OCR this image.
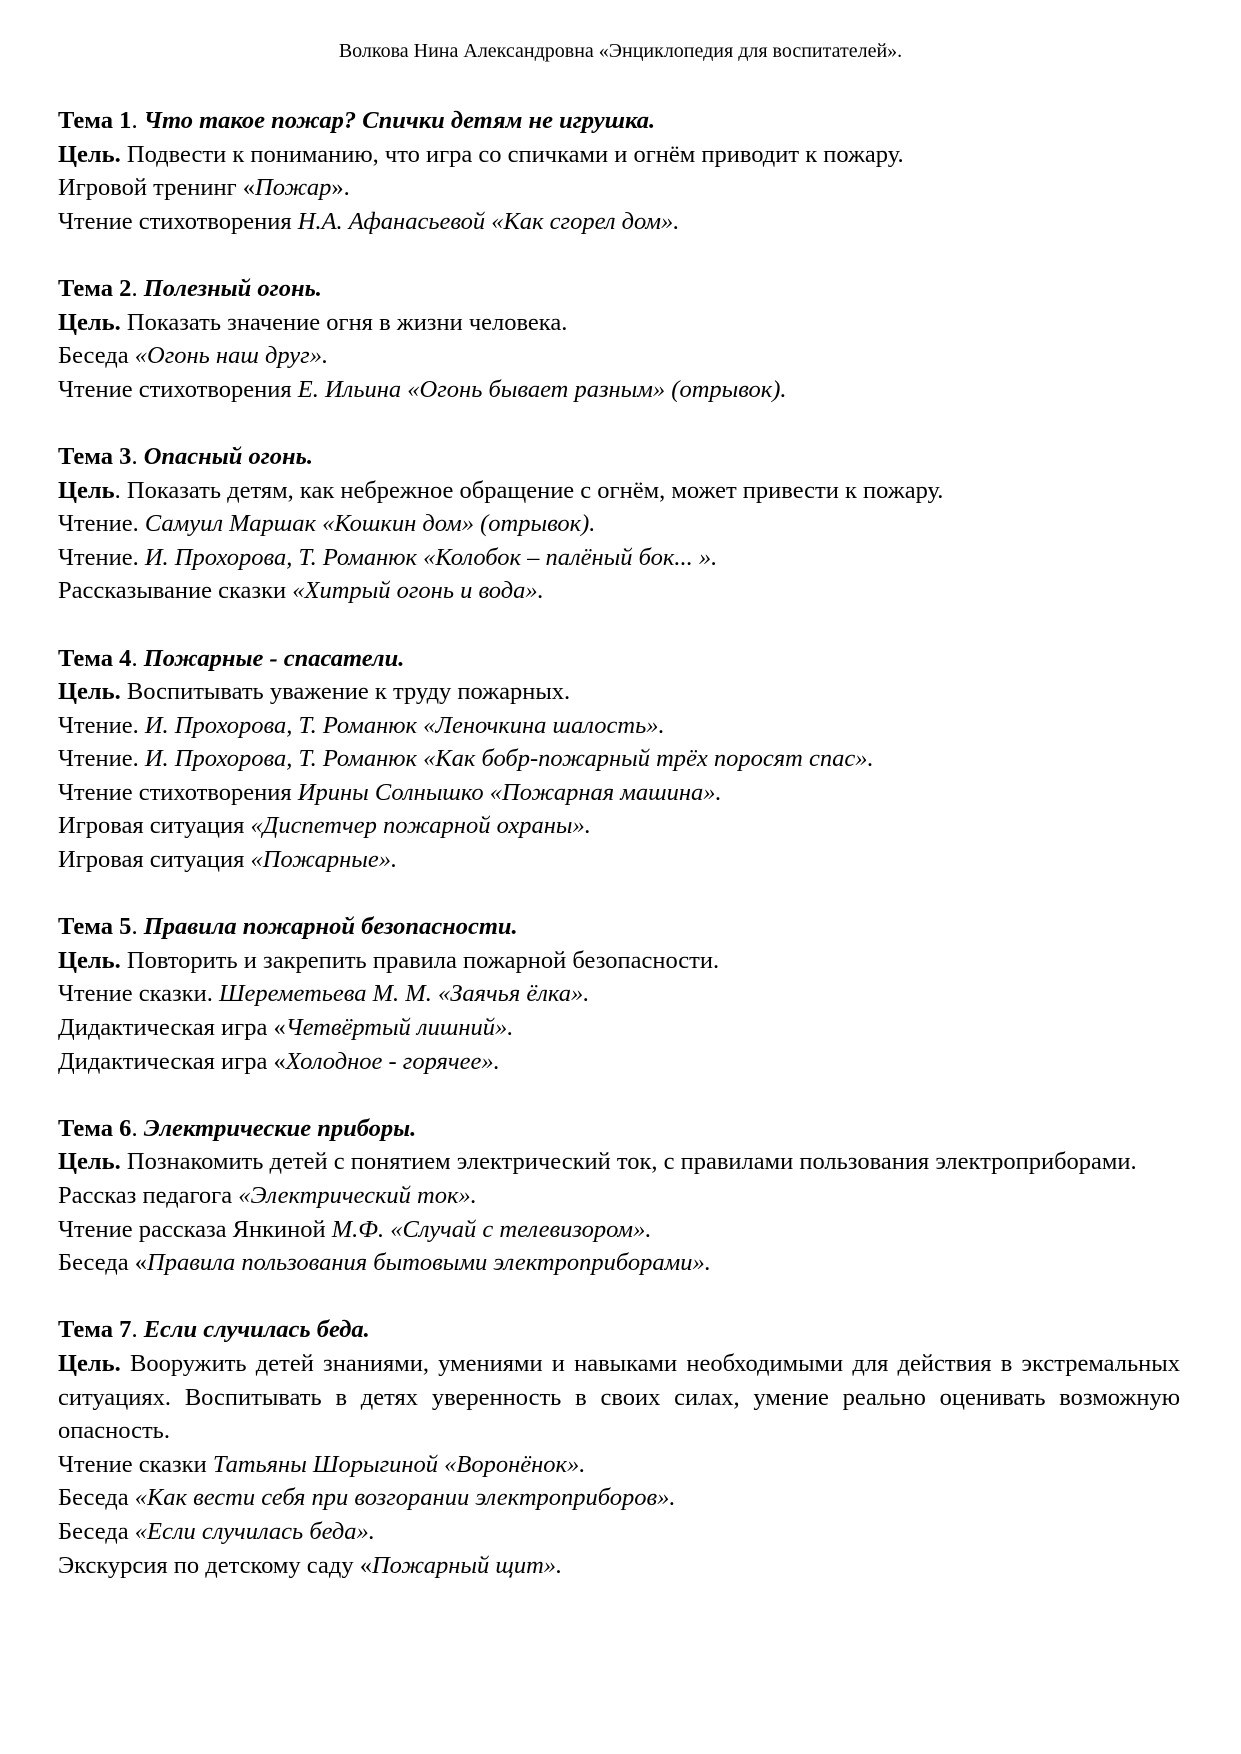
Волкова Нина Александровна «Энциклопедия для воспитателей».
Тема 1. Что такое пожар? Спички детям не игрушка.
Цель. Подвести к пониманию, что игра со спичками и огнём приводит к пожару.
Игровой тренинг «Пожар».
Чтение стихотворения Н.А. Афанасьевой «Как сгорел дом».
Тема 2. Полезный огонь.
Цель. Показать значение огня в жизни человека.
Беседа «Огонь наш друг».
Чтение стихотворения Е. Ильина «Огонь бывает разным» (отрывок).
Тема 3. Опасный огонь.
Цель. Показать детям, как небрежное обращение с огнём, может привести к пожару.
Чтение. Самуил Маршак «Кошкин дом» (отрывок).
Чтение. И. Прохорова, Т. Романюк «Колобок – палёный бок... ».
Рассказывание сказки «Хитрый огонь и вода».
Тема 4. Пожарные - спасатели.
Цель. Воспитывать уважение к труду пожарных.
Чтение. И. Прохорова, Т. Романюк «Леночкина шалость».
Чтение. И. Прохорова, Т. Романюк «Как бобр-пожарный трёх поросят спас».
Чтение стихотворения Ирины Солнышко «Пожарная машина».
Игровая ситуация «Диспетчер пожарной охраны».
Игровая ситуация «Пожарные».
Тема 5. Правила пожарной безопасности.
Цель. Повторить и закрепить правила пожарной безопасности.
Чтение сказки. Шереметьева М. М. «Заячья ёлка».
Дидактическая игра «Четвёртый лишний».
Дидактическая игра «Холодное - горячее».
Тема 6. Электрические приборы.
Цель. Познакомить детей с понятием электрический ток, с правилами пользования электроприборами.
Рассказ педагога «Электрический ток».
Чтение рассказа Янкиной М.Ф. «Случай с телевизором».
Беседа «Правила пользования бытовыми электроприборами».
Тема 7. Если случилась беда.
Цель. Вооружить детей знаниями, умениями и навыками необходимыми для действия в экстремальных ситуациях. Воспитывать в детях уверенность в своих силах, умение реально оценивать возможную опасность.
Чтение сказки Татьяны Шорыгиной «Воронёнок».
Беседа «Как вести себя при возгорании электроприборов».
Беседа «Если случилась беда».
Экскурсия по детскому саду «Пожарный щит».
